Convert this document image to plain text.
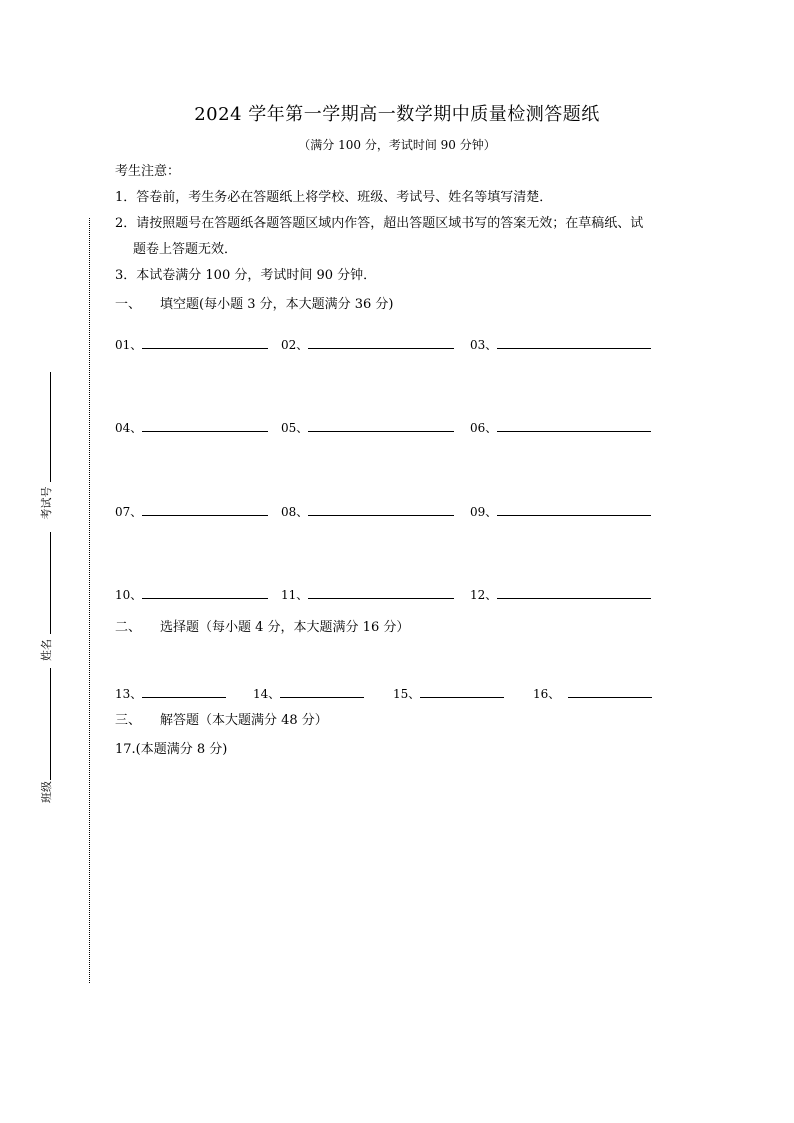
2024 学年第一学期高一数学期中质量检测答题纸
（满分 100 分，考试时间 90 分钟）
考生注意：
1．答卷前，考生务必在答题纸上将学校、班级、考试号、姓名等填写清楚．
2．请按照题号在答题纸各题答题区域内作答，超出答题区域书写的答案无效；在草稿纸、试
题卷上答题无效．
3．本试卷满分 100 分，考试时间 90 分钟．
考试号
姓名
班级
一、 填空题(每小题 3 分，本大题满分 36 分)
01、	02、	03、
04、	05、	06、
07、	08、	09、
10、	11、	12、
二、 选择题（每小题 4 分，本大题满分 16 分）
13、	14、	15、	16、
三、 解答题（本大题满分 48 分）
17.(本题满分 8 分)
